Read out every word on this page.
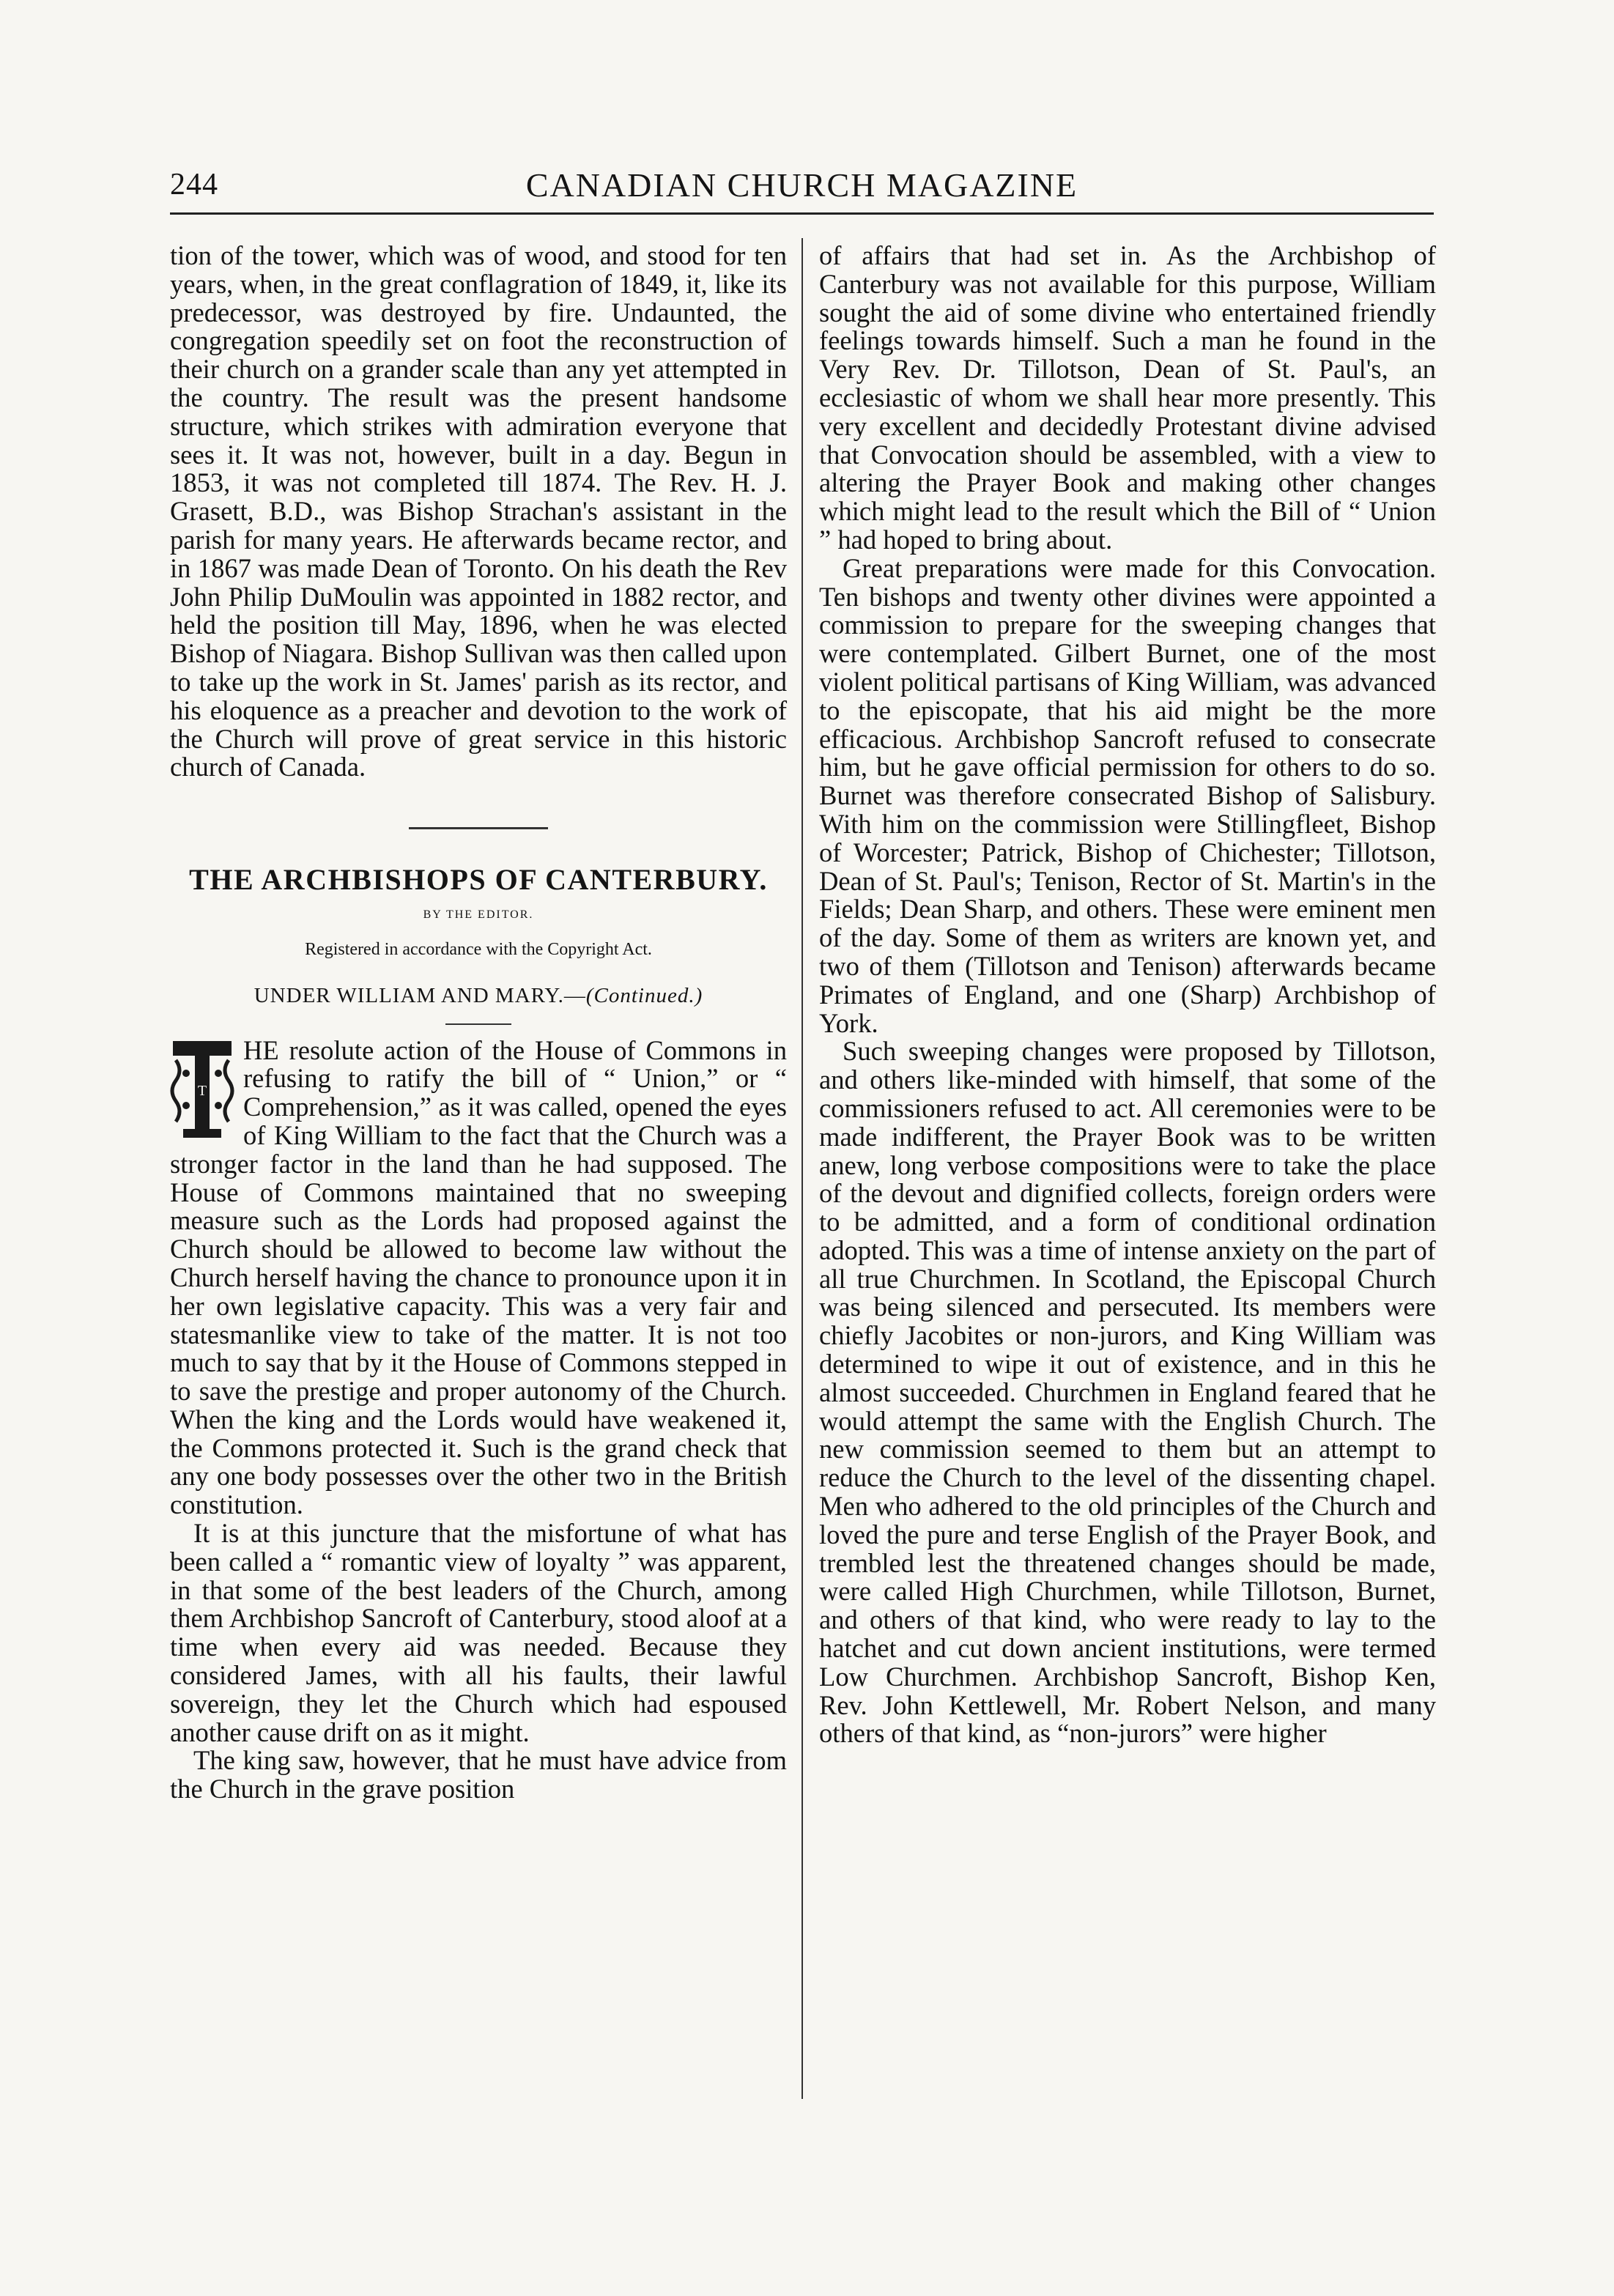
244	CANADIAN CHURCH MAGAZINE

tion of the tower, which was of wood, and stood for ten years, when, in the great conflagration of 1849, it, like its predecessor, was destroyed by fire. Undaunted, the congregation speedily set on foot the reconstruction of their church on a grander scale than any yet attempted in the country. The result was the present handsome structure, which strikes with admiration everyone that sees it. It was not, however, built in a day. Begun in 1853, it was not completed till 1874. The Rev. H. J. Grasett, B.D., was Bishop Strachan's assistant in the parish for many years. He afterwards became rector, and in 1867 was made Dean of Toronto. On his death the Rev John Philip DuMoulin was appointed in 1882 rector, and held the position till May, 1896, when he was elected Bishop of Niagara. Bishop Sullivan was then called upon to take up the work in St. James' parish as its rector, and his eloquence as a preacher and devotion to the work of the Church will prove of great service in this historic church of Canada.

THE ARCHBISHOPS OF CANTERBURY.
BY THE EDITOR.
Registered in accordance with the Copyright Act.
UNDER WILLIAM AND MARY.—(Continued.)
T

HE resolute action of the House of Commons in refusing to ratify the bill of “ Union,” or “ Comprehension,” as it was called, opened the eyes of King William to the fact that the Church was a stronger factor in the land than he had supposed. The House of Commons maintained that no sweeping measure such as the Lords had proposed against the Church should be allowed to become law without the Church herself having the chance to pronounce upon it in her own legislative capacity. This was a very fair and statesmanlike view to take of the matter. It is not too much to say that by it the House of Commons stepped in to save the prestige and proper autonomy of the Church. When the king and the Lords would have weakened it, the Commons protected it. Such is the grand check that any one body possesses over the other two in the British constitution.

It is at this juncture that the misfortune of what has been called a “ romantic view of loyalty ” was apparent, in that some of the best leaders of the Church, among them Archbishop Sancroft of Canterbury, stood aloof at a time when every aid was needed. Because they considered James, with all his faults, their lawful sovereign, they let the Church which had espoused another cause drift on as it might.

The king saw, however, that he must have advice from the Church in the grave position

of affairs that had set in. As the Archbishop of Canterbury was not available for this purpose, William sought the aid of some divine who entertained friendly feelings towards himself. Such a man he found in the Very Rev. Dr. Tillotson, Dean of St. Paul's, an ecclesiastic of whom we shall hear more presently. This very excellent and decidedly Protestant divine advised that Convocation should be assembled, with a view to altering the Prayer Book and making other changes which might lead to the result which the Bill of “ Union ” had hoped to bring about.

Great preparations were made for this Convocation. Ten bishops and twenty other divines were appointed a commission to prepare for the sweeping changes that were contemplated. Gilbert Burnet, one of the most violent political partisans of King William, was advanced to the episcopate, that his aid might be the more efficacious. Archbishop Sancroft refused to consecrate him, but he gave official permission for others to do so. Burnet was therefore consecrated Bishop of Salisbury. With him on the commission were Stillingfleet, Bishop of Worcester; Patrick, Bishop of Chichester; Tillotson, Dean of St. Paul's; Tenison, Rector of St. Martin's in the Fields; Dean Sharp, and others. These were eminent men of the day. Some of them as writers are known yet, and two of them (Tillotson and Tenison) afterwards became Primates of England, and one (Sharp) Archbishop of York.

Such sweeping changes were proposed by Tillotson, and others like-minded with himself, that some of the commissioners refused to act. All ceremonies were to be made indifferent, the Prayer Book was to be written anew, long verbose compositions were to take the place of the devout and dignified collects, foreign orders were to be admitted, and a form of conditional ordination adopted. This was a time of intense anxiety on the part of all true Churchmen. In Scotland, the Episcopal Church was being silenced and persecuted. Its members were chiefly Jacobites or non-jurors, and King William was determined to wipe it out of existence, and in this he almost succeeded. Churchmen in England feared that he would attempt the same with the English Church. The new commission seemed to them but an attempt to reduce the Church to the level of the dissenting chapel. Men who adhered to the old principles of the Church and loved the pure and terse English of the Prayer Book, and trembled lest the threatened changes should be made, were called High Churchmen, while Tillotson, Burnet, and others of that kind, who were ready to lay to the hatchet and cut down ancient institutions, were termed Low Churchmen. Archbishop Sancroft, Bishop Ken, Rev. John Kettlewell, Mr. Robert Nelson, and many others of that kind, as “non-jurors” were higher
